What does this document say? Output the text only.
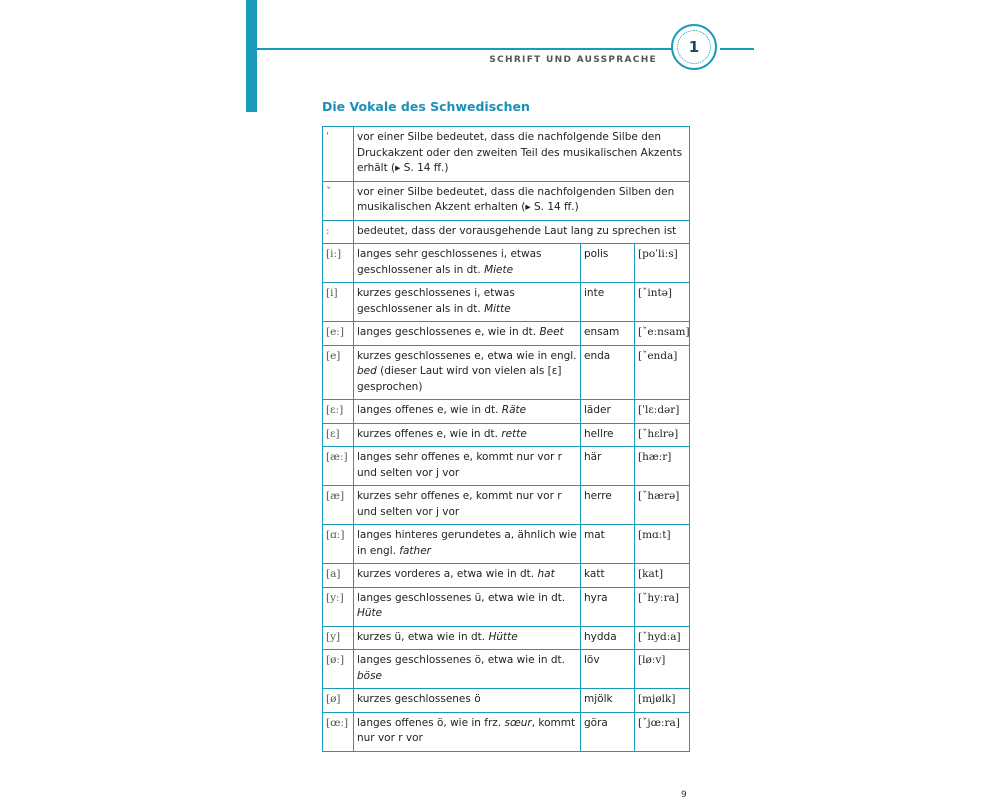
1
SCHRIFT UND AUSSPRACHE
Die Vokale des Schwedischen
ˈ	vor einer Silbe bedeutet, dass die nachfolgende Silbe den Druckakzent oder den zweiten Teil des musikalischen Akzents erhält (▸ S. 14 ff.)		
ˇ	vor einer Silbe bedeutet, dass die nachfolgenden Silben den musikalischen Akzent erhalten (▸ S. 14 ff.)		
:	bedeutet, dass der vorausgehende Laut lang zu sprechen ist		
[iː]	langes sehr geschlossenes i, etwas geschlossener als in dt. Miete	polis	[poˈliːs]
[i]	kurzes geschlossenes i, etwas geschlossener als in dt. Mitte	inte	[ˇintə]
[eː]	langes geschlossenes e, wie in dt. Beet	ensam	[ˇeːnsam]
[e]	kurzes geschlossenes e, etwa wie in engl. bed (dieser Laut wird von vielen als [ɛ] gesprochen)	enda	[ˇenda]
[ɛː]	langes offenes e, wie in dt. Räte	läder	[ˈlɛːdər]
[ɛ]	kurzes offenes e, wie in dt. rette	hellre	[ˇhɛlrə]
[æː]	langes sehr offenes e, kommt nur vor r und selten vor j vor	här	[hæːr]
[æ]	kurzes sehr offenes e, kommt nur vor r und selten vor j vor	herre	[ˇhærə]
[ɑː]	langes hinteres gerundetes a, ähnlich wie in engl. father	mat	[mɑːt]
[a]	kurzes vorderes a, etwa wie in dt. hat	katt	[kat]
[yː]	langes geschlossenes ü, etwa wie in dt. Hüte	hyra	[ˇhyːra]
[y]	kurzes ü, etwa wie in dt. Hütte	hydda	[ˇhydːa]
[øː]	langes geschlossenes ö, etwa wie in dt. böse	löv	[løːv]
[ø]	kurzes geschlossenes ö	mjölk	[mjølk]
[œː]	langes offenes ö, wie in frz. sœur, kommt nur vor r vor	göra	[ˇjœːra]
9
